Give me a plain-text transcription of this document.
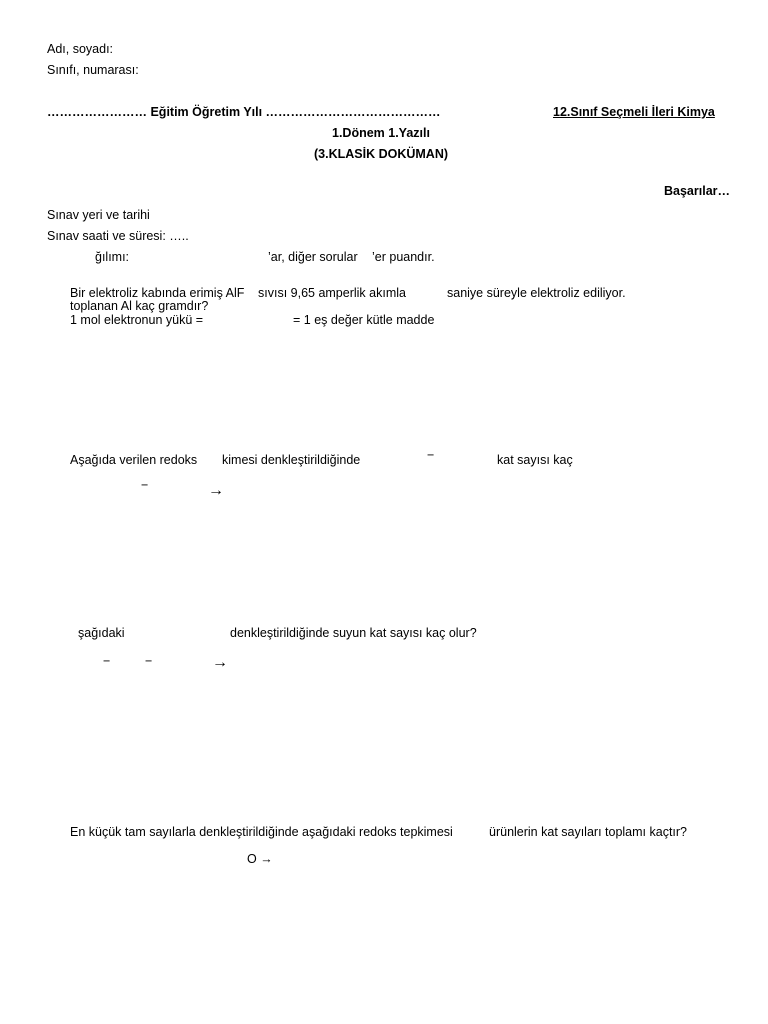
Adı, soyadı:
Sınıfı, numarası:
…………………… Eğitim Öğretim Yılı ……………………………………	12.Sınıf Seçmeli İleri Kimya
1.Dönem 1.Yazılı
(3.KLASİK DOKÜMAN)
Başarılar…
Sınav yeri ve tarihi
Sınav saati ve süresi: …..
ğılımı:	’ar, diğer sorular ’er puandır.
Bir elektroliz kabında erimiş AlF sıvısı 9,65 amperlik akımla	saniye süreyle elektroliz ediliyor.
toplanan Al kaç gramdır?
1 mol elektronun yükü =	= 1 eş değer kütle madde
Aşağıda verilen redoks kimesi denkleştirildiğinde	−	kat sayısı kaç
−	→
şağıdaki	denkleştirildiğinde suyun kat sayısı kaç olur?
−	−	→
En küçük tam sayılarla denkleştirildiğinde aşağıdaki redoks tepkimesi	ürünlerin kat sayıları toplamı kaçtır?
O →
